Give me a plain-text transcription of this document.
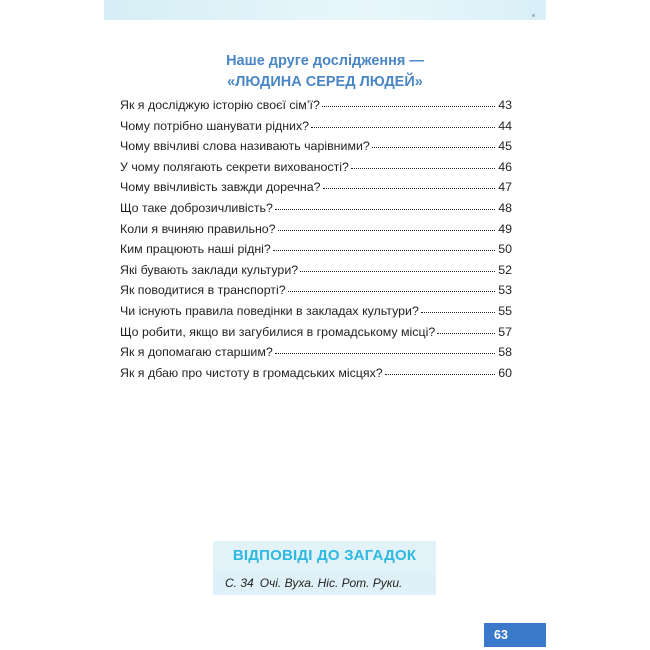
Наше друге дослідження —
«ЛЮДИНА СЕРЕД ЛЮДЕЙ»
Як я досліджую історію своєї сім’ї?	43
Чому потрібно шанувати рідних?	44
Чому ввічливі слова називають чарівними?	45
У чому полягають секрети вихованості?	46
Чому ввічливість завжди доречна?	47
Що таке доброзичливість?	48
Коли я вчиняю правильно?	49
Ким працюють наші рідні?	50
Які бувають заклади культури?	52
Як поводитися в транспорті?	53
Чи існують правила поведінки в закладах культури?	55
Що робити, якщо ви загубилися в громадському місці?	57
Як я допомагаю старшим?	58
Як я дбаю про чистоту в громадських місцях?	60
ВІДПОВІДІ ДО ЗАГАДОК
С. 34 Очі. Вуха. Ніс. Рот. Руки.
63
